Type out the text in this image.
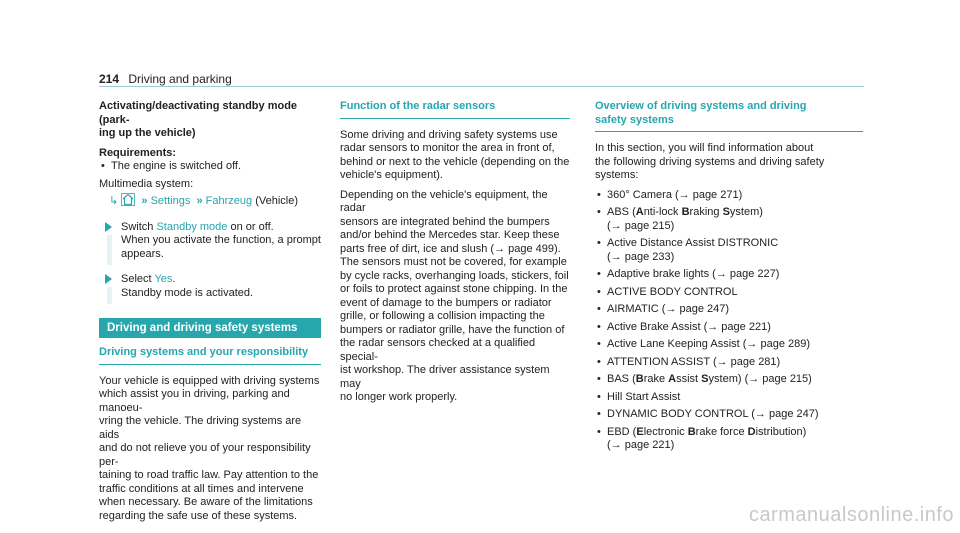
214 Driving and parking
Activating/deactivating standby mode (park-
ing up the vehicle)
Requirements:
• The engine is switched off.
Multimedia system:
↳ » Settings » Fahrzeug (Vehicle)
Switch Standby mode on or off.
When you activate the function, a prompt
appears.
Select Yes.
Standby mode is activated.
Driving and driving safety systems
Driving systems and your responsibility
Your vehicle is equipped with driving systems
which assist you in driving, parking and manoeu-
vring the vehicle. The driving systems are aids
and do not relieve you of your responsibility per-
taining to road traffic law. Pay attention to the
traffic conditions at all times and intervene
when necessary. Be aware of the limitations
regarding the safe use of these systems.
Function of the radar sensors
Some driving and driving safety systems use
radar sensors to monitor the area in front of,
behind or next to the vehicle (depending on the
vehicle's equipment).
Depending on the vehicle's equipment, the radar
sensors are integrated behind the bumpers
and/or behind the Mercedes star. Keep these
parts free of dirt, ice and slush (→ page 499).
The sensors must not be covered, for example
by cycle racks, overhanging loads, stickers, foil
or foils to protect against stone chipping. In the
event of damage to the bumpers or radiator
grille, or following a collision impacting the
bumpers or radiator grille, have the function of
the radar sensors checked at a qualified special-
ist workshop. The driver assistance system may
no longer work properly.
Overview of driving systems and driving
safety systems
In this section, you will find information about
the following driving systems and driving safety
systems:
• 360° Camera (→ page 271)
• ABS (Anti-lock Braking System)
(→ page 215)
• Active Distance Assist DISTRONIC
(→ page 233)
• Adaptive brake lights (→ page 227)
• ACTIVE BODY CONTROL
• AIRMATIC (→ page 247)
• Active Brake Assist (→ page 221)
• Active Lane Keeping Assist (→ page 289)
• ATTENTION ASSIST (→ page 281)
• BAS (Brake Assist System) (→ page 215)
• Hill Start Assist
• DYNAMIC BODY CONTROL (→ page 247)
• EBD (Electronic Brake force Distribution)
(→ page 221)
carmanualsonline.info
